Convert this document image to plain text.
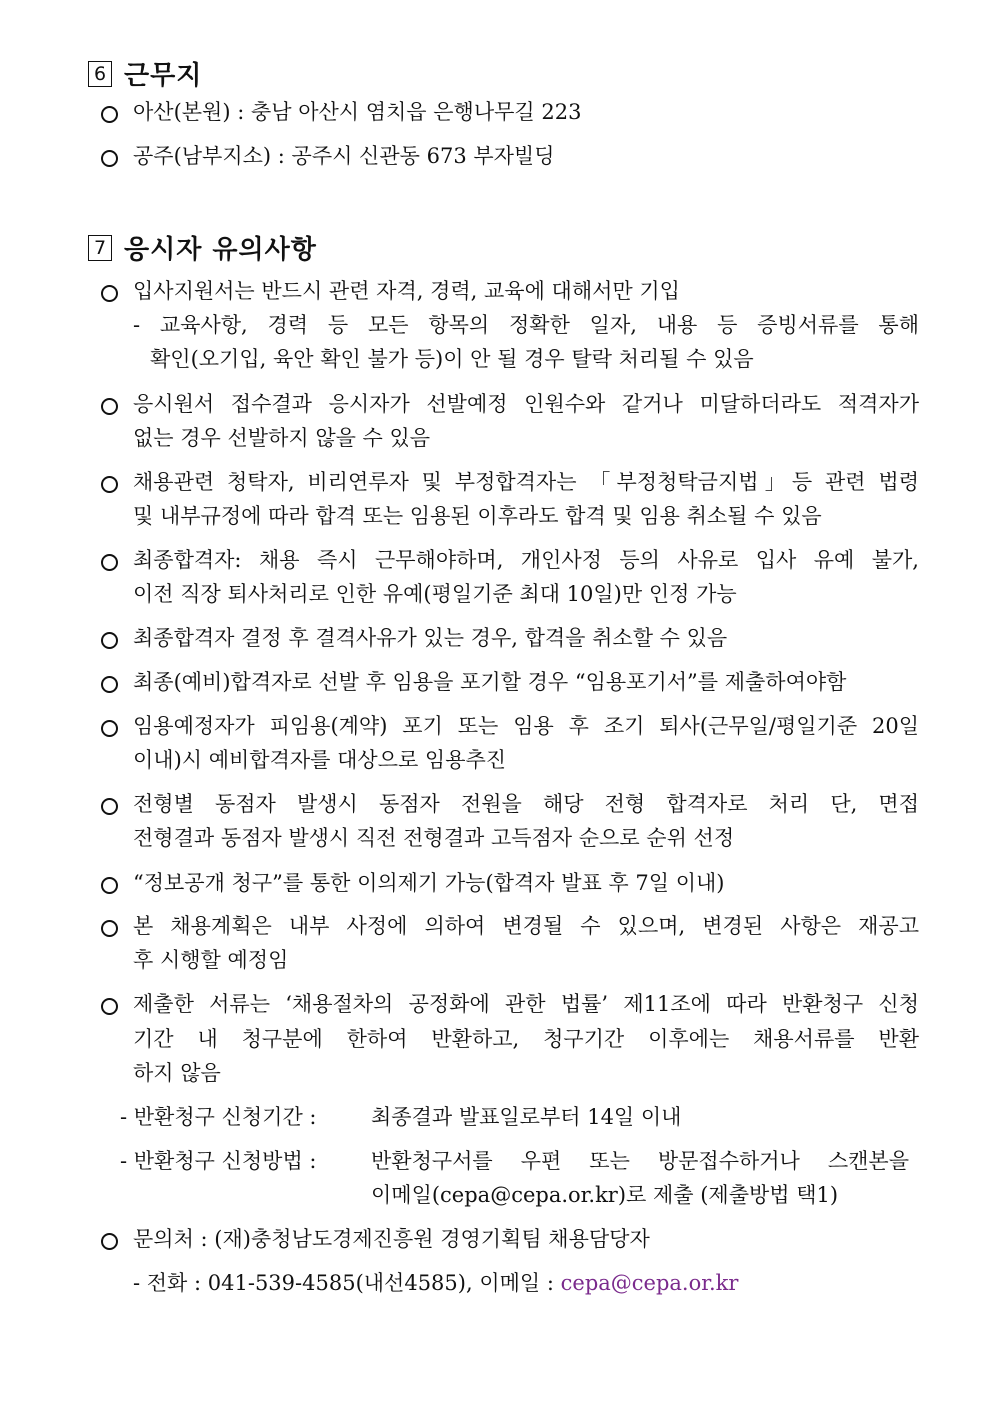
6 근무지
아산(본원) : 충남 아산시 염치읍 은행나무길 223
공주(남부지소) : 공주시 신관동 673 부자빌딩
7 응시자 유의사항
입사지원서는 반드시 관련 자격, 경력, 교육에 대해서만 기입
- 교육사항, 경력 등 모든 항목의 정확한 일자, 내용 등 증빙서류를 통해
확인(오기입, 육안 확인 불가 등)이 안 될 경우 탈락 처리될 수 있음
응시원서 접수결과 응시자가 선발예정 인원수와 같거나 미달하더라도 적격자가
없는 경우 선발하지 않을 수 있음
채용관련 청탁자, 비리연루자 및 부정합격자는 「부정청탁금지법」등 관련 법령
및 내부규정에 따라 합격 또는 임용된 이후라도 합격 및 임용 취소될 수 있음
최종합격자: 채용 즉시 근무해야하며, 개인사정 등의 사유로 입사 유예 불가,
이전 직장 퇴사처리로 인한 유예(평일기준 최대 10일)만 인정 가능
최종합격자 결정 후 결격사유가 있는 경우, 합격을 취소할 수 있음
최종(예비)합격자로 선발 후 임용을 포기할 경우 “임용포기서”를 제출하여야함
임용예정자가 피임용(계약) 포기 또는 임용 후 조기 퇴사(근무일/평일기준 20일
이내)시 예비합격자를 대상으로 임용추진
전형별 동점자 발생시 동점자 전원을 해당 전형 합격자로 처리 단, 면접
전형결과 동점자 발생시 직전 전형결과 고득점자 순으로 순위 선정
“정보공개 청구”를 통한 이의제기 가능(합격자 발표 후 7일 이내)
본 채용계획은 내부 사정에 의하여 변경될 수 있으며, 변경된 사항은 재공고
후 시행할 예정임
제출한 서류는 ‘채용절차의 공정화에 관한 법률’ 제11조에 따라 반환청구 신청
기간 내 청구분에 한하여 반환하고, 청구기간 이후에는 채용서류를 반환
하지 않음
- 반환청구 신청기간 :	최종결과 발표일로부터 14일 이내
- 반환청구 신청방법 :	반환청구서를 우편 또는 방문접수하거나 스캔본을
이메일(cepa@cepa.or.kr)로 제출 (제출방법 택1)
문의처 : (재)충청남도경제진흥원 경영기획팀 채용담당자
- 전화 : 041-539-4585(내선4585), 이메일 : cepa@cepa.or.kr
